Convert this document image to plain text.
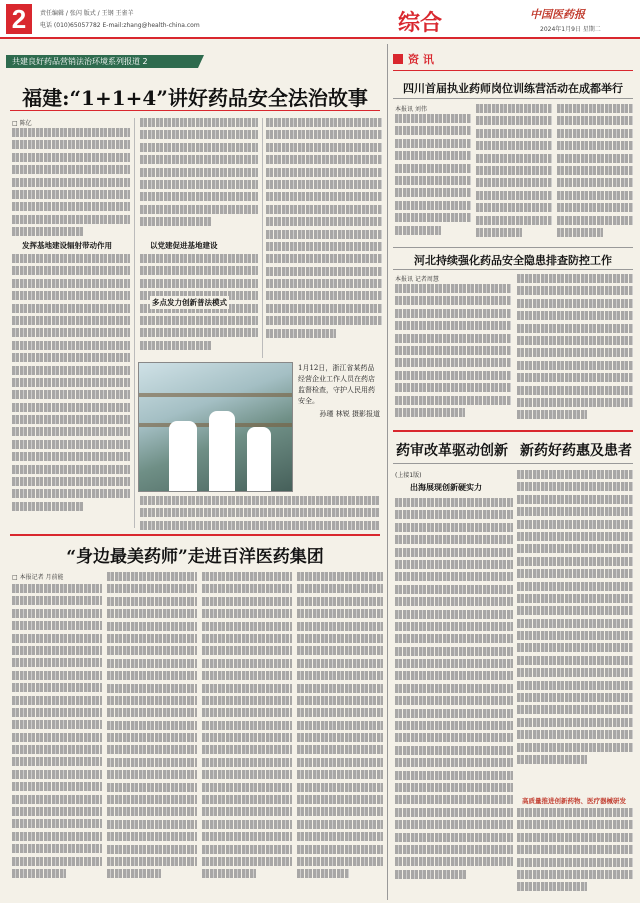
2	责任编辑 / 张闪 版式 / 王钢 王雀羊
电话 (010)65057782 E-mail:zhang@health-china.com	综合	中国医药报
2024年1月9日 星期二
共建良好药品营销法治环境系列报道 2
福建:“1+1+4”讲好药品安全法治故事
□ 陈亿
发挥基地建设辐射带动作用	以党建促进基地建设
多点发力创新普法模式
1月12日，浙江省某药品经营企业工作人员在药店监督检查，守护人民用药安全。
孙瑾 林锐 摄影报道
“身边最美药师”走进百洋医药集团
□ 本报记者 月前能
资 讯
四川首届执业药师岗位训练营活动在成都举行
本报讯 刘伟
河北持续强化药品安全隐患排查防控工作
本报讯 记者周慧
药审改革驱动创新 新药好药惠及患者
(上接1版)
出海展现创新硬实力
高质量推进创新药物、医疗器械研发
